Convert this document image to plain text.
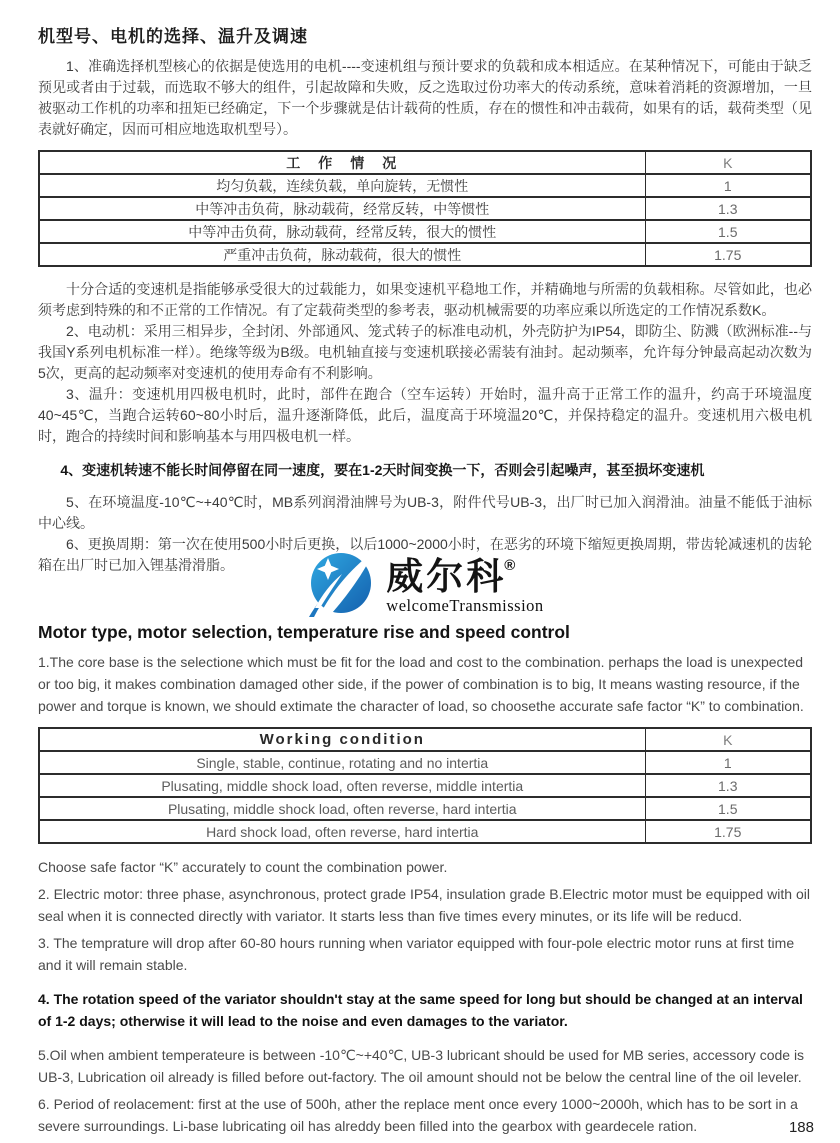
机型号、电机的选择、温升及调速

1、准确选择机型核心的依据是使选用的电机----变速机组与预计要求的负载和成本相适应。在某种情况下，可能由于缺乏预见或者由于过载，而选取不够大的组件，引起故障和失败，反之选取过份功率大的传动系统，意味着消耗的资源增加，一旦被驱动工作机的功率和扭矩已经确定，下一个步骤就是估计载荷的性质，存在的惯性和冲击载荷，如果有的话，载荷类型（见表就好确定，因而可相应地选取机型号）。

工　作　情　况	K
均匀负载，连续负载，单向旋转，无惯性	1
中等冲击负荷，脉动载荷，经常反转，中等惯性	1.3
中等冲击负荷，脉动载荷，经常反转，很大的惯性	1.5
严重冲击负荷，脉动载荷，很大的惯性	1.75

十分合适的变速机是指能够承受很大的过载能力，如果变速机平稳地工作，并精确地与所需的负载相称。尽管如此，也必须考虑到特殊的和不正常的工作情况。有了定载荷类型的参考表，驱动机械需要的功率应乘以所选定的工作情况系数K。

2、电动机：采用三相异步，全封闭、外部通风、笼式转子的标准电动机，外壳防护为IP54，即防尘、防溅（欧洲标准--与我国Y系列电机标准一样）。绝缘等级为B级。电机轴直接与变速机联接必需装有油封。起动频率，允许每分钟最高起动次数为5次，更高的起动频率对变速机的使用寿命有不利影响。

3、温升：变速机用四极电机时，此时，部件在跑合（空车运转）开始时，温升高于正常工作的温升，约高于环境温度40~45℃，当跑合运转60~80小时后，温升逐渐降低，此后，温度高于环境温20℃，并保持稳定的温升。变速机用六极电机时，跑合的持续时间和影响基本与用四极电机一样。

4、变速机转速不能长时间停留在同一速度，要在1-2天时间变换一下，否则会引起噪声，甚至损坏变速机

5、在环境温度-10℃~+40℃时，MB系列润滑油牌号为UB-3，附件代号UB-3，出厂时已加入润滑油。油量不能低于油标中心线。

6、更换周期：第一次在使用500小时后更换，以后1000~2000小时，在恶劣的环境下缩短更换周期，带齿轮减速机的齿轮箱在出厂时已加入锂基滑滑脂。	威尔科®
welcomeTransmission
Motor type, motor selection, temperature rise and speed control

1.The core base is the selectione which must be fit for the load and cost to the combination. perhaps the load is unexpected or too big, it makes combination damaged other side, if the power of combination is to big, It means wasting resource, if the power and torque is known, we should extimate the character of load, so choosethe accurate safe factor “K” to combination.

Working condition	K
Single, stable, continue, rotating and no intertia	1
Plusating, middle shock load, often reverse, middle intertia	1.3
Plusating, middle shock load, often reverse, hard intertia	1.5
Hard shock load, often reverse, hard intertia	1.75

Choose safe factor “K” accurately to count the combination power.

2. Electric motor: three phase, asynchronous, protect grade IP54, insulation grade B.Electric motor must be equipped with oil seal when it is connected directly with variator. It starts less than five times every minutes, or its life will be reducd.

3. The temprature will drop after 60-80 hours running when variator equipped with four-pole electric motor runs at first time and it will remain stable.

4. The rotation speed of the variator shouldn't stay at the same speed for long but should be changed at an interval of 1-2 days; otherwise it will lead to the noise and even damages to the variator.

5.Oil when ambient temperateure is between -10℃~+40℃, UB-3 lubricant should be used for MB series, accessory code is UB-3, Lubrication oil already is filled before out-factory. The oil amount should not be below the central line of the oil leveler.

6. Period of reolacement: first at the use of 500h, ather the replace ment once every 1000~2000h, which has to be sort in a severe surroundings. Li-base lubricating oil has alreddy been filled into the gearbox with geardecele ration.	188
